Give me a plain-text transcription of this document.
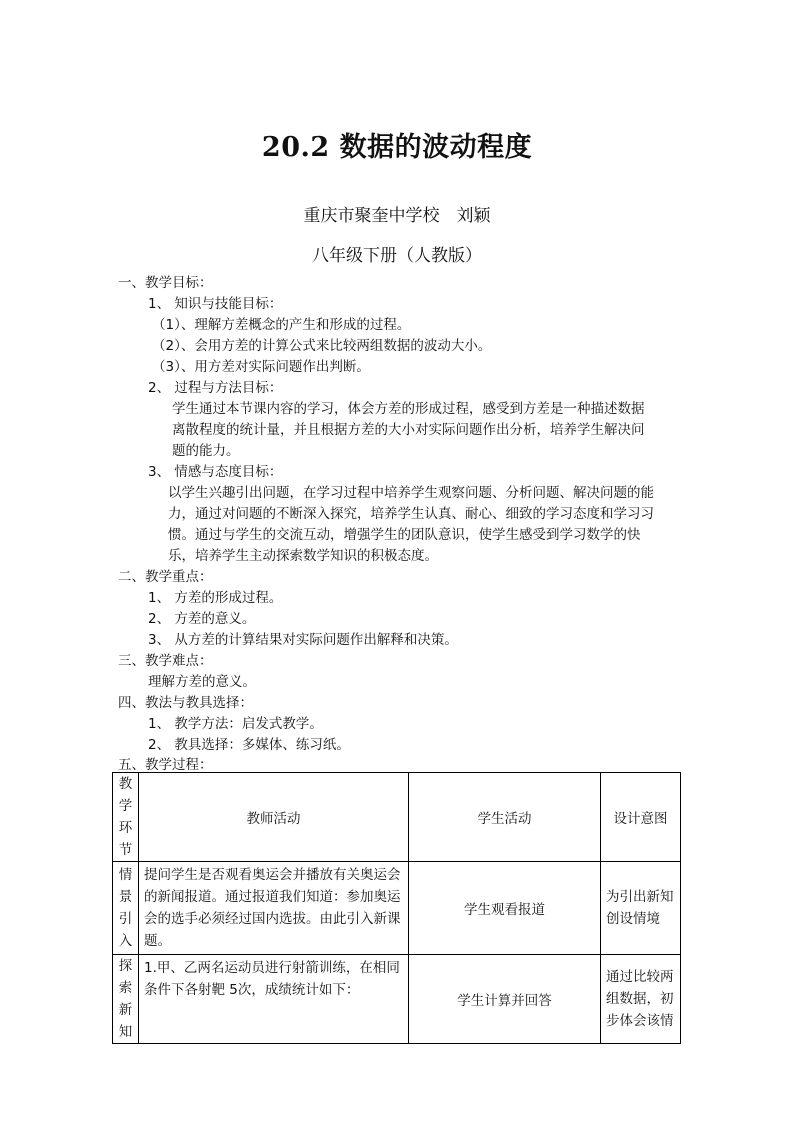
20.2 数据的波动程度
重庆市聚奎中学校　刘颖
八年级下册（人教版）
一、教学目标：
1、 知识与技能目标：
（1）、理解方差概念的产生和形成的过程。
（2）、会用方差的计算公式来比较两组数据的波动大小。
（3）、用方差对实际问题作出判断。
2、 过程与方法目标：
学生通过本节课内容的学习，体会方差的形成过程，感受到方差是一种描述数据
离散程度的统计量，并且根据方差的大小对实际问题作出分析，培养学生解决问
题的能力。
3、 情感与态度目标：
以学生兴趣引出问题，在学习过程中培养学生观察问题、分析问题、解决问题的能
力，通过对问题的不断深入探究，培养学生认真、耐心、细致的学习态度和学习习
惯。通过与学生的交流互动，增强学生的团队意识，使学生感受到学习数学的快
乐，培养学生主动探索数学知识的积极态度。
二、教学重点：
1、 方差的形成过程。
2、 方差的意义。
3、 从方差的计算结果对实际问题作出解释和决策。
三、教学难点：
理解方差的意义。
四、教法与教具选择：
1、 教学方法：启发式教学。
2、 教具选择：多媒体、练习纸。
五、教学过程：
教学环节	教师活动	学生活动	设计意图
情景引入	提问学生是否观看奥运会并播放有关奥运会的新闻报道。通过报道我们知道：参加奥运会的选手必须经过国内选拔。由此引入新课题。	学生观看报道	为引出新知创设情境
探索新知	1.甲、乙两名运动员进行射箭训练，在相同条件下各射靶 5次，成绩统计如下：	学生计算并回答	通过比较两组数据，初步体会该情
